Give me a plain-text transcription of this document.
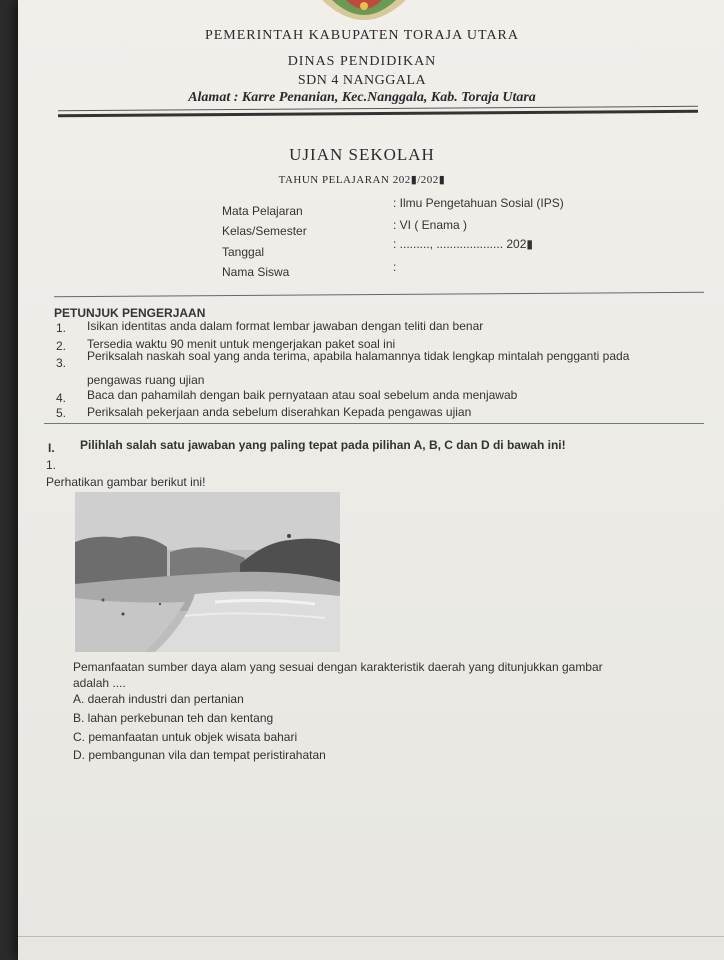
PEMERINTAH KABUPATEN TORAJA UTARA
DINAS PENDIDIKAN
SDN 4 NANGGALA
Alamat : Karre Penanian, Kec.Nanggala, Kab. Toraja Utara
UJIAN SEKOLAH
TAHUN PELAJARAN 202▮/202▮
Mata Pelajaran
: Ilmu Pengetahuan Sosial (IPS)
Kelas/Semester	: VI ( Enama )
Tanggal
: ........., .................... 202▮
Nama Siswa	:
PETUNJUK PENGERJAAN
1. Isikan identitas anda dalam format lembar jawaban dengan teliti dan benar
2. Tersedia waktu 90 menit untuk mengerjakan paket soal ini
3. Periksalah naskah soal yang anda terima, apabila halamannya tidak lengkap mintalah pengganti pada
pengawas ruang ujian
4. Baca dan pahamilah dengan baik pernyataan atau soal sebelum anda menjawab
5. Periksalah pekerjaan anda sebelum diserahkan Kepada pengawas ujian
I. Pilihlah salah satu jawaban yang paling tepat pada pilihan A, B, C dan D di bawah ini!
1.
Perhatikan gambar berikut ini!
Pemanfaatan sumber daya alam yang sesuai dengan karakteristik daerah yang ditunjukkan gambar
adalah ....
A. daerah industri dan pertanian
B. lahan perkebunan teh dan kentang
C. pemanfaatan untuk objek wisata bahari
D. pembangunan vila dan tempat peristirahatan
